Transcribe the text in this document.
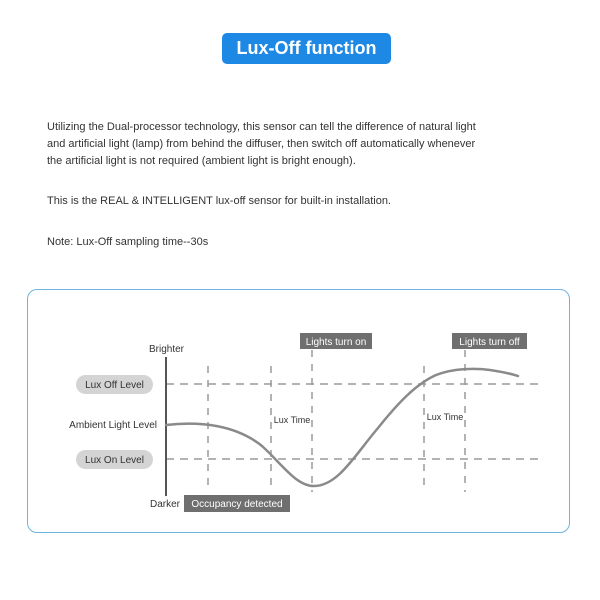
Lux-Off function
Utilizing the Dual-processor technology, this sensor can tell the difference of natural light
and artificial light (lamp) from behind the diffuser, then switch off automatically whenever
the artificial light is not required (ambient light is bright enough).
This is the REAL & INTELLIGENT lux-off sensor for built-in installation.
Note: Lux-Off sampling time--30s
Brighter
Ambient Light Level
Darker
Lux Off Level
Lux On Level
Lights turn on	Lights turn off
Occupancy detected
Lux Time	Lux Time
